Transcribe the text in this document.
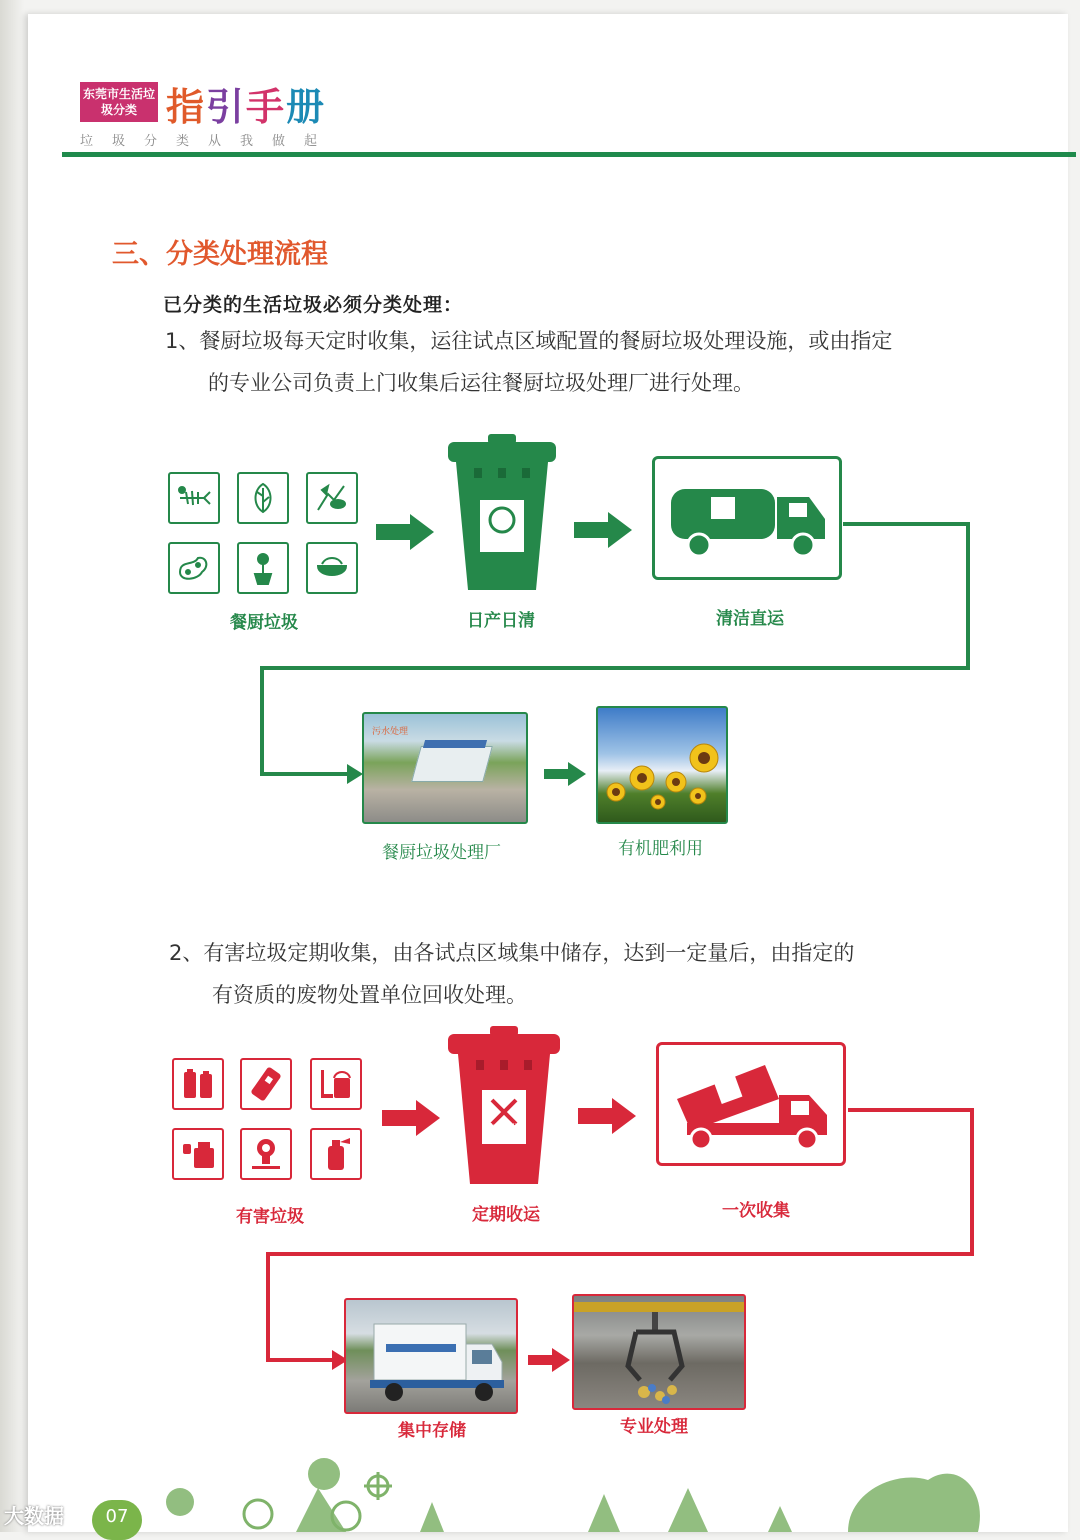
东莞市生活垃圾分类 指引手册
垃圾分类从我做起
三、分类处理流程
已分类的生活垃圾必须分类处理：
1、餐厨垃圾每天定时收集，运往试点区域配置的餐厨垃圾处理设施，或由指定
的专业公司负责上门收集后运往餐厨垃圾处理厂进行处理。
餐厨垃圾
厨余垃圾
日产日清	清洁直运
污水处理
餐厨垃圾处理厂	有机肥利用
2、有害垃圾定期收集，由各试点区域集中储存，达到一定量后，由指定的
有资质的废物处置单位回收处理。
有害垃圾
有害垃圾
定期收运	一次收集
集中存储	专业处理
07
大数据
